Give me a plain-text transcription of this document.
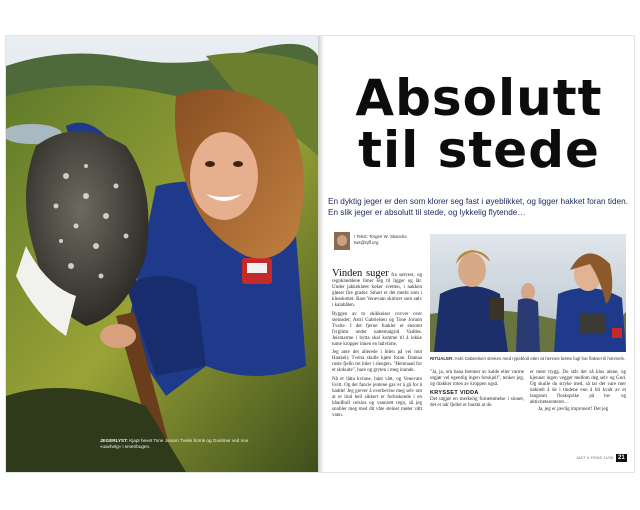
JEGERLYST: Kjapt hevet Tone Jorunn Tveite bornk og Gunhner ved noe «uavhelg» i smetrbugen.
Absolutt
til stede
En dyktig jeger er den som klorer seg fast i øyeblikket, og ligger hakket foran tiden. En slik jeger er absolutt til stede, og lykkelig flytende…
I Tekst: Torgeir W. Skancke
tws@njff.org

Vinden suger fra sørvest, og regnklæddene limer seg til ligger og lår. Under jakkeklæet koker svetten, i nakken gløser fire grader. Smart er det merkt som i klesskottet. Bare Venevatn skimrer som sølv i kalahåten.

Ryggen av to skikkeiser covver over steinsdet; Astri Gabrielsen og Tone Jorunn Tveite. I det fjerne funkler et ensomt fyrglimt under nattemalgrid Vaddes. Jeismarme i bytta skal komme til å lokke tunte kropper innen en halvtime.

Jeg ante det allerede i bilen på vei mot Haukeli; Tveita skulle kjøre foran. Damaa ruste fjelln tre biler i slengen. "Hemnaad for et slokuite", bare og gryten i meg inunde.

Nå er lätta kvinne, bánt vått, og Venevatn livitt. Og det fancie jentene gav er á gå for å hadde! Jeg grever å overbevise meg selv om at et lind heil sikkert er forbiskende i en håndfrall celsius og vannrett regn, så jeg snubler meg med dit våte steiner møter vått vann.

RITUALER: Astri Gabrielsen strekes med rypebloð etter at hennes første fugl har flakset til himmels.
"Ja, ja, om bana brenner av kalde eller varme utgjør vel egentlig ingen forskjell", tenker jeg, og drakker roten av kroppen også.
KRYSSET VIDDA
Det utgjør en merkelig fornemmelse i sinnet, det er når fjellet er barskt at du
er mest trygg. Du står der så klus alene, og kjenner ingen vegger mellom deg selv og Gud. Og skulle du stryke med, så tar det vare mer naknelt å de i tindene enn å bli kvalt av et langsom flosksprike på bo- og aktivitetssenteret…
Ja, jeg er jævlig impronert! Det jeg
JAKT & FISKE 11/08 21
